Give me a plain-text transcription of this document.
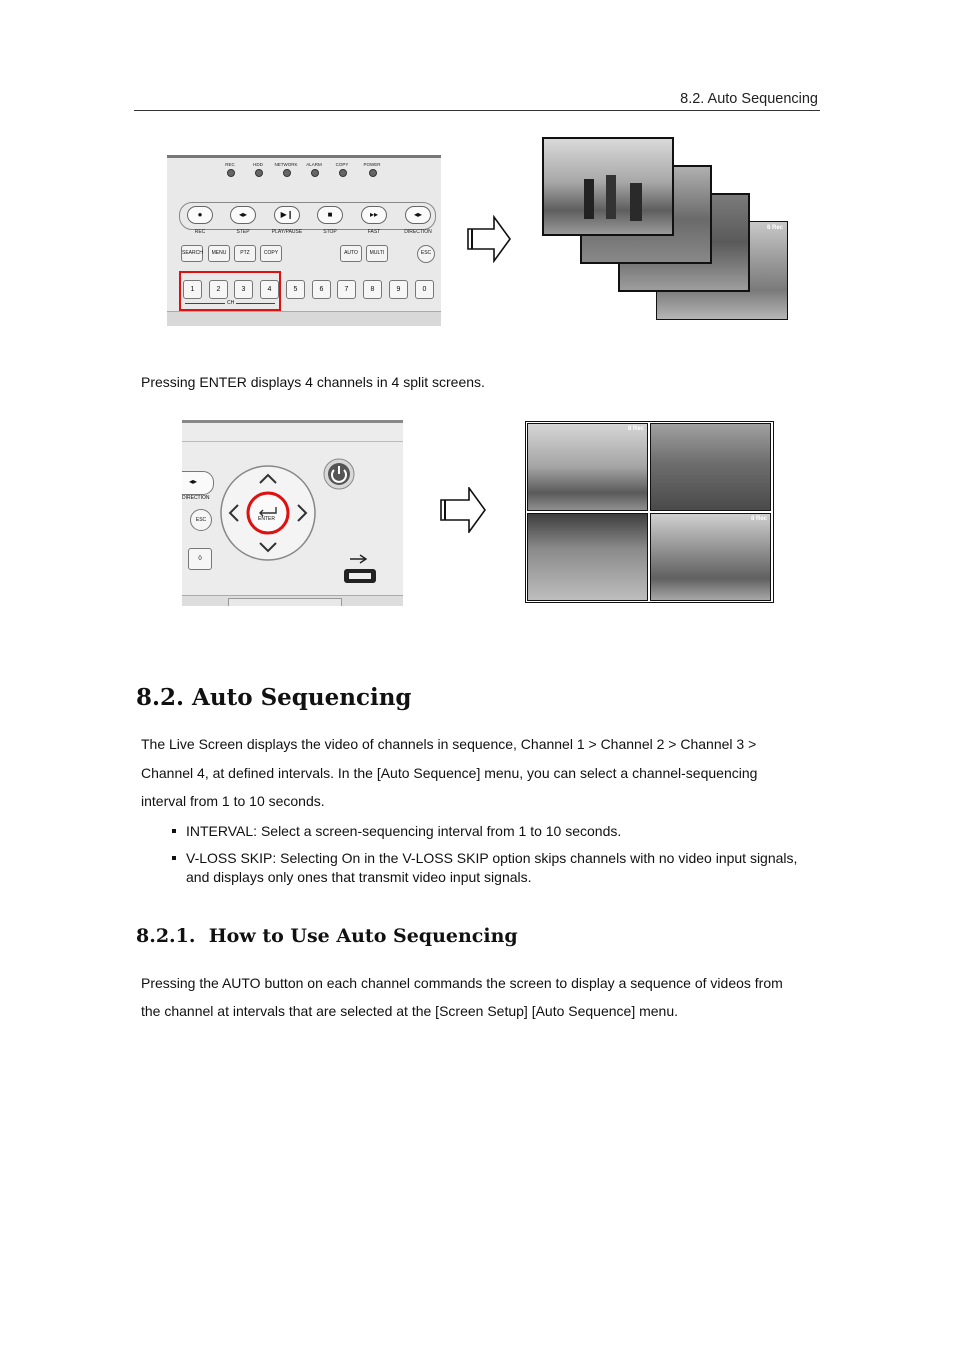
8.2. Auto Sequencing
REC	HDD	NETWORK	ALARM	COPY	POWER
●
REC
◂▸
STEP
▶❙
PLAY/PAUSE
■
STOP
▸▸
FAST
◂▸
DIRECTION
SEARCH	MENU	PTZ	COPY	AUTO	MULTI	ESC
1	2	3	4	5	6	7	8	9	0
CH
8 Rec
Pressing ENTER displays 4 channels in 4 split screens.
◂▸
DIRECTION
ESC
0
ENTER
8 Rec
8 Rec
8.2. Auto Sequencing
The Live Screen displays the video of channels in sequence, Channel 1 > Channel 2 > Channel 3 >
Channel 4, at defined intervals. In the [Auto Sequence] menu, you can select a channel-sequencing
interval from 1 to 10 seconds.
INTERVAL: Select a screen-sequencing interval from 1 to 10 seconds.
V-LOSS SKIP: Selecting On in the V-LOSS SKIP option skips channels with no video input signals,
and displays only ones that transmit video input signals.
8.2.1.  How to Use Auto Sequencing
Pressing the AUTO button on each channel commands the screen to display a sequence of videos from
the channel at intervals that are selected at the [Screen Setup] [Auto Sequence] menu.
